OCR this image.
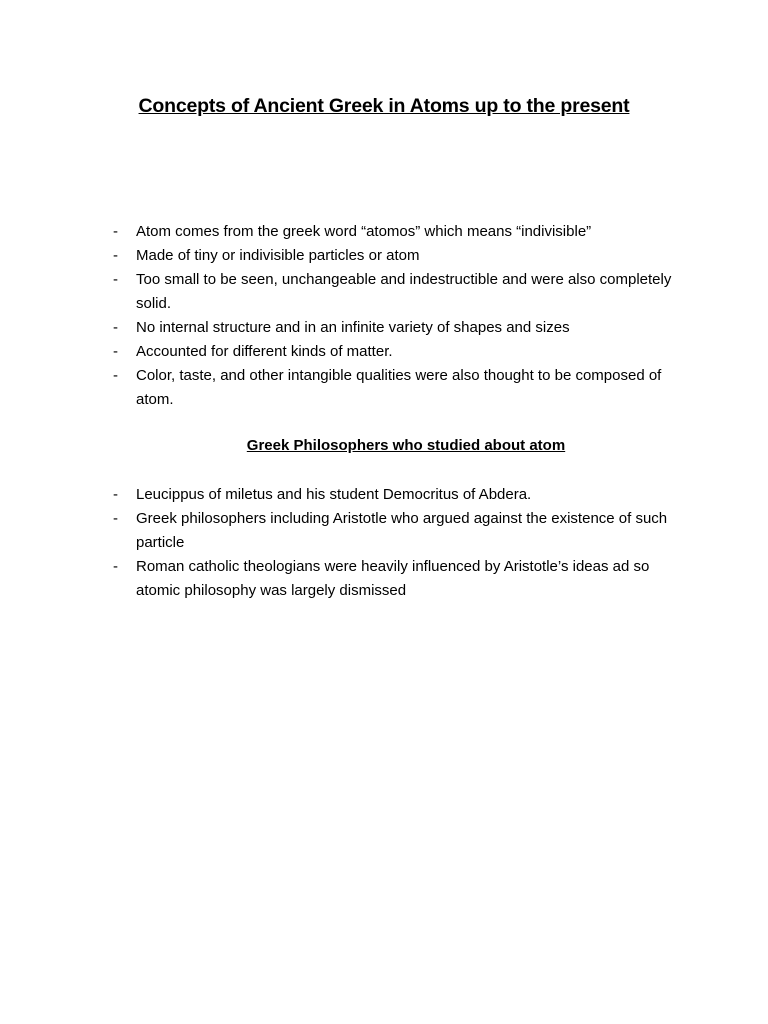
Concepts of Ancient Greek in Atoms up to the present
- Atom comes from the greek word “atomos” which means “indivisible”
- Made of tiny or indivisible particles or atom
- Too small to be seen, unchangeable and indestructible and were also completely solid.
- No internal structure and in an infinite variety of shapes and sizes
- Accounted for different kinds of matter.
- Color, taste, and other intangible qualities were also thought to be composed of atom.
Greek Philosophers who studied about atom
- Leucippus of miletus and his student Democritus of Abdera.
- Greek philosophers including Aristotle who argued against the existence of such particle
- Roman catholic theologians were heavily influenced by Aristotle’s ideas ad so atomic philosophy was largely dismissed
